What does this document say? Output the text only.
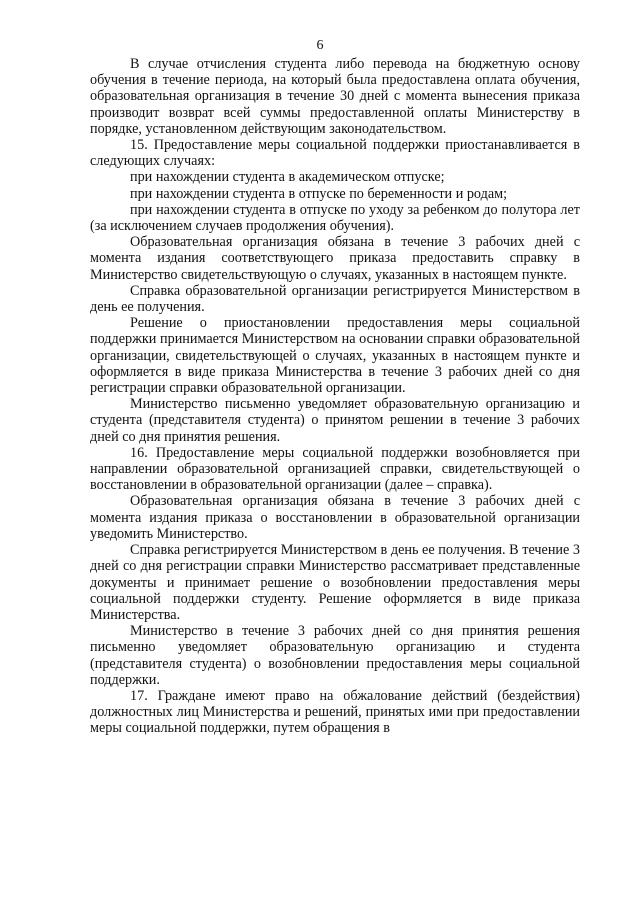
6

В случае отчисления студента либо перевода на бюджетную основу обучения в течение периода, на который была предоставлена оплата обучения, образовательная организация в течение 30 дней с момента вынесения приказа производит возврат всей суммы предоставленной оплаты Министерству в порядке, установленном действующим законодательством.

15. Предоставление меры социальной поддержки приостанавливается в следующих случаях:

при нахождении студента в академическом отпуске;

при нахождении студента в отпуске по беременности и родам;

при нахождении студента в отпуске по уходу за ребенком до полутора лет (за исключением случаев продолжения обучения).

Образовательная организация обязана в течение 3 рабочих дней с момента издания соответствующего приказа предоставить справку в Министерство свидетельствующую о случаях, указанных в настоящем пункте.

Справка образовательной организации регистрируется Министерством в день ее получения.

Решение о приостановлении предоставления меры социальной поддержки принимается Министерством на основании справки образовательной организации, свидетельствующей о случаях, указанных в настоящем пункте и оформляется в виде приказа Министерства в течение 3 рабочих дней со дня регистрации справки образовательной организации.

Министерство письменно уведомляет образовательную организацию и студента (представителя студента) о принятом решении в течение 3 рабочих дней со дня принятия решения.

16. Предоставление меры социальной поддержки возобновляется при направлении образовательной организацией справки, свидетельствующей о восстановлении в образовательной организации (далее – справка).

Образовательная организация обязана в течение 3 рабочих дней с момента издания приказа о восстановлении в образовательной организации уведомить Министерство.

Справка регистрируется Министерством в день ее получения. В течение 3 дней со дня регистрации справки Министерство рассматривает представленные документы и принимает решение о возобновлении предоставления меры социальной поддержки студенту. Решение оформляется в виде приказа Министерства.

Министерство в течение 3 рабочих дней со дня принятия решения письменно уведомляет образовательную организацию и студента (представителя студента) о возобновлении предоставления меры социальной поддержки.

17. Граждане имеют право на обжалование действий (бездействия) должностных лиц Министерства и решений, принятых ими при предоставлении меры социальной поддержки, путем обращения в
